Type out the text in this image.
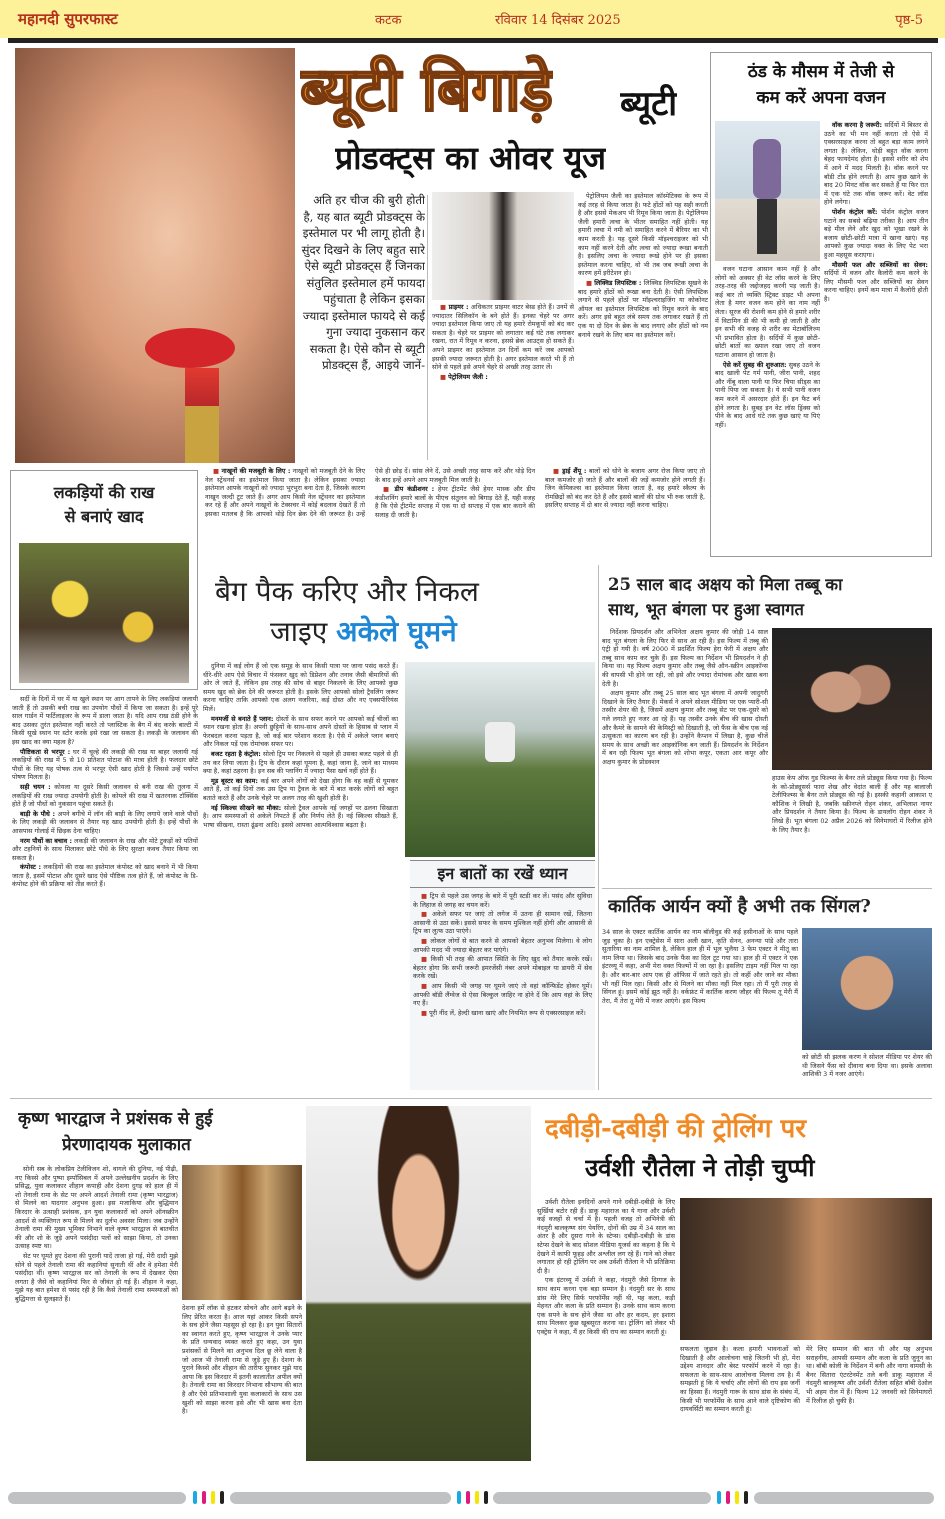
महानदी सुपरफास्ट	कटक	रविवार 14 दिसंबर 2025	पृष्ठ-5
ब्यूटी बिगाड़े ब्यूटी
प्रोडक्ट्स का ओवर यूज
अति हर चीज की बुरी होती है, यह बात ब्यूटी प्रोडक्ट्स के इस्तेमाल पर भी लागू होती है। सुंदर दिखने के लिए बहुत सारे ऐसे ब्यूटी प्रोडक्ट्स हैं जिनका संतुलित इस्तेमाल हमें फायदा पहुंचाता है लेकिन इसका ज्यादा इस्तेमाल फायदे से कई गुना ज्यादा नुकसान कर सकता है। ऐसे कौन से ब्यूटी प्रोडक्ट्स हैं, आइये जानें-

■ प्राइमर : अधिकतर प्राइमर वाटर बेस्ड होते हैं। उनमें से ज्यादातर सिलिकॉन के बने होते हैं। इनका चेहरे पर अगर ज्यादा इस्तेमाल किया जाए तो यह हमारे रोमकूपों को बंद कर सकता है। चेहरे पर प्राइमर को लगातार कई घंटे तक लगाकर रखना, रात में रिमूव न करना, इससे ब्रेक आउट्स हो सकते हैं। अपने प्राइमर का इस्तेमाल उन दिनों कम करें जब आपको इसकी ज्यादा जरूरत होती है। अगर इस्तेमाल करते भी हैं तो सोने से पहले इसे अपने चेहरे से अच्छी तरह उतार लें।

■ पेट्रोलियम जैली :

पेट्रोलियम जैली का इस्तेमाल कॉस्मेटिक्स के रूप में कई तरह से किया जाता है। फटे होंठों को यह सही करती है और इससे मेकअप भी रिमूव किया जाता है। पेट्रोलियम जैली हमारी त्वचा के भीतर समाहित नहीं होती। यह हमारी त्वचा में नमी को समाहित करने में बैरियर का भी काम करती है। यह दूसरे किसी मॉइश्चराइजर को भी काम नहीं करने देती और त्वचा को ज्यादा रूखा बनाती है। इसलिए त्वचा के ज्यादा रूखे होने पर ही इसका इस्तेमाल करना चाहिए, वो भी तब जब रूखी त्वचा के कारण हमें इरीटेशन हो।

■ लिक्विड लिपस्टिक : लिक्विड लिपस्टिक सूखने के बाद हमारे होंठों को रूखा बना देती है। ऐसी लिपस्टिक लगाने से पहले होंठों पर मॉइश्चराइजिंग या कोकोनट ऑयल का इस्तेमाल लिपस्टिक को रिमूव करने के बाद करें। अगर इसे बहुत लंबे समय तक लगाकर रखते हैं तो एक या दो दिन के ब्रेक के बाद लगाएं और होंठों को नम बनाये रखने के लिए बाम का इस्तेमाल करें।

■ नाखूनों की मजबूती के लिए : नाखूनों को मजबूती देने के लिए नेल स्ट्रेंथनर्स का इस्तेमाल किया जाता है। लेकिन इसका ज्यादा इस्तेमाल आपके नाखूनों को ज्यादा भुरभुरा बना देता है, जिसके कारण नाखून जल्दी टूट जाते हैं। अगर आप किसी नेल स्ट्रेंथनर का इस्तेमाल कर रहे हैं और अपने नाखूनों के टेक्सचर में कोई बदलाव देखते हैं तो इसका मतलब है कि आपको थोड़े दिन ब्रेक देने की जरूरत है। उन्हें ऐसे ही छोड़ दें। सांस लेने दें, उसे अच्छी तरह साफ करें और थोड़े दिन के बाद इन्हें अपने आप मजबूती मिल जाती है।

■ डीप कंडीशनर : हेयर ट्रीटमेंट जैसे हेयर मास्क और डीप कंडीशनिंग हमारे बालों के पीएच संतुलन को बिगाड़ देते हैं, यही वजह है कि ऐसे ट्रीटमेंट सप्ताह में एक या दो सप्ताह में एक बार कराने की सलाह दी जाती है।

■ ड्राई शैंपू : बालों को धोने के बजाय अगर रोज किया जाए तो बाल कमजोर हो जाते हैं और बालों की जड़ें कमजोर होने लगती हैं। जिन केमिकल्स का इस्तेमाल किया जाता है, वह हमारे स्कैल्प के रोमछिद्रों को बंद कर देते हैं और इससे बालों की ग्रोथ भी रुक जाती है, इसलिए सप्ताह में दो बार से ज्यादा नहीं करना चाहिए।

ठंड के मौसम में तेजी से
कम करें अपना वजन

वजन घटाना आसान काम नहीं है और लोगों को अक्सर ही वेट लॉस करने के लिए तरह-तरह की जद्दोजहद करनी पड़ जाती है। कई बार तो व्यक्ति स्ट्रिक्ट डाइट भी अपना लेता है मगर वजन कम होने का नाम नहीं लेता। सूरज की रोशनी कम होने से हमारे शरीर में विटामिन डी की भी कमी हो जाती है और इन सभी की वजह से शरीर का मेटाबॉलिज्म भी प्रभावित होता है। सर्दियों में कुछ छोटी-छोटी बातों का ख्याल रखा जाए तो वजन घटाना आसान हो जाता है।

ऐसे करें सुबह की शुरुआत: सुबह उठने के बाद खाली पेट गर्म पानी, जीरा पानी, शहद और नींबू वाला पानी या फिर चिया सीड्स का पानी पिया जा सकता है। ये सभी पानी वजन कम करने में असरदार होते हैं। इन फैट बर्न होने लगता है। सुबह इन वेट लॉस ड्रिंक्स को पीने के बाद आधे घंटे तक कुछ खाएं या पिएं नहीं।

वॉक करना है जरूरी: सर्दियों में बिस्तर से उठने का भी मन नहीं करता तो ऐसे में एक्सरसाइज करना तो बहुत बड़ा काम लगने लगता है। लेकिन, थोड़ी बहुत वॉक करना बेहद फायदेमंद होता है। इससे शरीर को शेप में आने में मदद मिलती है। वॉक करने पर बॉडी टोंड होने लगती है। आप कुछ खाने के बाद 20 मिनट वॉक कर सकते हैं या फिर रात में एक घंटे तक वॉक जरूर करें। वेट लॉस होने लगेगा।

पोर्शन कंट्रोल करें: पोर्शन कंट्रोल वजन घटाने का सबसे बढ़िया तरीका है। आप तीन बड़े मील लेने और खुद को भूखा रखने के बजाय छोटी-छोटी मात्रा में खाना खाएं। यह आपको कुछ ज्यादा वक्त के लिए पेट भरा हुआ महसूस कराएगा।

मौसमी फल और सब्जियों का सेवन: सर्दियों में वजन और कैलोरी कम करने के लिए मौसमी फल और सब्जियों का सेवन करना चाहिए। इनमें कम मात्रा में कैलोरी होती है।

लकड़ियों की राख
से बनाएं खाद

सर्दी के दिनों में घर में या खुले स्थान पर आग तापने के लिए लकड़ियां जलायी जाती हैं तो उसकी बची राख का उपयोग पौधों में किया जा सकता है। इन्हें पूरे साल गार्डन में फर्टिलाइजर के रूप में डाला जाता है। यदि आप राख ठंडी होने के बाद उसका तुरंत इस्तेमाल नहीं करते तो प्लास्टिक के बैग में बंद करके बाल्टी में किसी सूखे स्थान पर स्टोर करके इसे रखा जा सकता है। लकड़ी के जलावन की इस खाद का क्या महत्व है?

पौष्टिकता से भरपूर : घर में चूल्हे की लकड़ी की राख या बाहर जलायी गई लकड़ियों की राख में 5 से 10 प्रतिशत पोटाश की मात्रा होती है। फलदार छोटे पौधों के लिए यह पोषक तत्व से भरपूर ऐसी खाद होती है जिससे उन्हें पर्याप्त पोषण मिलता है।

सही चयन : कोयला या दूसरे किसी जलावन से बनी राख की तुलना में लकड़ियों की राख ज्यादा उपयोगी होती है। कोयले की राख में खतरनाक टॉक्सिंस होते हैं जो पौधों को नुकसान पहुंचा सकते हैं।

बाड़ी के पौधे : अपने बगीचे में लॉन की बाड़ी के लिए लगाये जाने वाले पौधों के लिए लकड़ी की जलावन से तैयार यह खाद उपयोगी होती है। इन्हें पौधों के आसपास गोलाई में छिड़क देना चाहिए।

नरम पौधों का बचाव : लकड़ी की जलावन के राख और मोटे टुकड़ों को पतियों और टहनियों के साथ मिलाकर छोटे पौधे के लिए सुरक्षा कवच तैयार किया जा सकता है।

कंपोस्ट : लकड़ियों की राख का इस्तेमाल कंपोस्ट को खाद बनाने में भी किया जाता है, इसमें पोटाश और दूसरे खाद ऐसे पौष्टिक तत्व होते हैं, जो कंपोस्ट के डि-कंपोस्ट होने की प्रक्रिया को तीव्र करते हैं।

बैग पैक करिए और निकल
जाइए अकेले घूमने

दुनिया में कई लोग हैं जो एक समूह के साथ किसी यात्रा पर जाना पसंद करते हैं। धीरे-धीरे आप ऐसे विचार में फंसकर खुद को डिप्रेशन और तनाव जैसी बीमारियों की ओर ले जाते हैं, लेकिन इस तरह की सोच से बाहर निकलने के लिए आपको कुछ समय खुद को ब्रेक देने की जरूरत होती है। इसके लिए आपको सोलो ट्रैवलिंग जरूर करना चाहिए ताकि आपको एक अलग नजरिया, कई दोस्त और नए एक्सपीरियंस मिलें।

मनमर्जी से बनाते हैं प्लान: दोस्तों के साथ सफर करने पर आपको कई चीजों का ध्यान रखना होता है। अपनी छुट्टियों के साथ-साथ अपने दोस्तों के हिसाब से प्लान में फेरबदल करना पड़ता है, जो कई बार परेशान करता है। ऐसे में अकेले प्लान बनाएं और निकल पड़ें एक रोमांचक सफर पर।

बजट रहता है कंट्रोल: सोलो ट्रिप पर निकलने से पहले ही उसका बजट पहले से ही तय कर लिया जाता है। ट्रिप के दौरान कहां घूमना है, कहां जाना है, जाने का माध्यम क्या है, कहां ठहरना है। इन सब की प्लानिंग में ज्यादा पैसा खर्च नहीं होते हैं।

मूड बूस्टर का काम: कई बार अपने लोगों को देखा होगा कि वह कहीं से घूमकर आते हैं, तो कई दिनों तक उस ट्रिप या ट्रैवल के बारे में बात करके लोगों को बहुत बताते करते हैं और उनके चेहरे पर अलग तरह की खुशी होती है।

नई स्किल्स सीखने का मौका: सोलो ट्रैवल आपके नई जगहों पर ढलना सिखाता है। आप समस्याओं से अकेले निपटते हैं और निर्णय लेते हैं। नई स्किल्स सीखते हैं, भाषा सीखना, रास्ता ढूंढना आदि। इससे आपका आत्मविश्वास बढ़ता है।

इन बातों का रखें ध्यान

■ ट्रिप से पहले उस जगह के बारे में पूरी स्टडी कर लें। पसंद और सुविधा के लिहाज से जगह का चयन करें।

■ अकेले सफर पर जाएं तो लगेज में उतना ही सामान रखें, जितना आसानी से उठा सकें। इससे सफर के समय मुश्किल नहीं होगी और आसानी से ट्रिप का लुत्फ उठा पाएंगे।

■ लोकल लोगों से बात करने से आपको बेहतर अनुभव मिलेगा। वे लोग आपकी मदद भी ज्यादा बेहतर कर पाएंगे।

■ किसी भी तरह की आपात स्थिति के लिए खुद को तैयार करके रखें। बेहतर होगा कि सभी जरूरी इमरजेंसी नंबर अपने मोबाइल या डायरी में सेव करके रखें।

■ आप किसी भी जगह पर घूमने जाएं तो वहां कॉन्फिडेंट होकर घूमें। आपकी बॉडी लैंग्वेज से ऐसा बिल्कुल जाहिर ना होने दें कि आप वहां के लिए नए हैं।

■ पूरी नींद लें, हेल्दी खाना खाएं और नियमित रूप से एक्सरसाइज करें।

25 साल बाद अक्षय को मिला तब्बू का
साथ, भूत बंगला पर हुआ स्वागत

निर्देशक प्रियदर्शन और अभिनेता अक्षय कुमार की जोड़ी 14 साल बाद भूत बंगला के लिए फिर से साथ आ रही है। इस फिल्म में तब्बू की एंट्री हो गयी है। वर्ष 2000 में प्रदर्शित फिल्म हेरा फेरी में अक्षय और तब्बू साथ काम कर चुके हैं। इस फिल्म का निर्देशन भी प्रियदर्शन ने ही किया था। यह फिल्म अक्षय कुमार और तब्बू जैसे ऑन-स्क्रीन आइकॉन्स की वापसी भी होने जा रही, जो इसे और ज्यादा रोमांचक और खास बना देती है।

अक्षय कुमार और तब्बू 25 साल बाद भूत बंगला में अपनी जादुगरी दिखाने के लिए तैयार हैं। मेकर्स ने अपने सोशल मीडिया पर एक प्यारी-सी तस्वीर शेयर की है, जिसमें अक्षय कुमार और तब्बू सेट पर एक-दूसरे को गले लगाते हुए नजर आ रहे हैं। यह तस्वीर उनके बीच की खास दोस्ती और कैमरे के सामने की केमिस्ट्री को दिखाती है, जो फैंस के बीच एक नई उत्सुकता का कारण बन रही है। उन्होंने कैप्शन में लिखा है, कुछ चीजें समय के साथ अच्छी कर आइकॉनिक बन जाती हैं। प्रियदर्शन के निर्देशन में बन रही फिल्म भूत बंगला को शोभा कपूर, एकता आर कपूर और अक्षय कुमार के प्रोडक्शन

हाउस केप ऑफ गुड फिल्म्स के बैनर तले प्रोड्यूस किया गया है। फिल्म के को-प्रोड्यूसर्स फारा शेख और वेदांत बाली हैं और यह बालाजी टेलीफिल्म्स के बैनर तले प्रोड्यूस की गई है। इसकी कहानी आकाश ए कौशिक ने लिखी है, जबकि स्क्रीनप्ले रोहन शंकर, अभिलाश नायर और प्रियदर्शन ने तैयार किया है। फिल्म के डायलॉग रोहन शंकर ने लिखे हैं। भूत बंगला 02 अप्रैल 2026 को सिनेमाघरों में रिलीज होने के लिए तैयार है।
कार्तिक आर्यन क्यों है अभी तक सिंगल?
34 साल के एक्टर कार्तिक आर्यन का नाम बॉलीवुड की कई हसीनाओं के साथ पहले जुड़ चुका है। इन एक्ट्रेसेस में सारा अली खान, कृति सेनन, अनन्या पांडे और तारा सुतारिया का नाम शामिल है, लेकिन हाल ही में भूल भुलैया 3 फेम एक्टर ने मीतू का नाम लिया था। जिसके बाद उनके फैंस का दिल टूट गया था। हाल ही में एक्टर ने एक इंटरव्यू में कहा, अभी मेरा वक्त फिल्मों में जा रहा है। इसलिए टाइम नहीं मिल पा रहा है। और बार-बार आप एक ही ऑफिस में जाते रहते हो। तो कहीं और जाने का मौका भी नहीं मिल रहा। किसी और से मिलने का मौका नहीं मिल रहा। तो मैं पूरी तरह से सिंगल हूं। इसमें कोई झूठ नहीं है। वर्कफ्रंट में कार्तिक करण जौहर की फिल्म तू मेरी मैं तेरा, मैं तेरा तू मेरी में नजर आएंगे। इस फिल्म
को छोटी सी झलक करण ने सोशल मीडिया पर शेयर की थी जिसने फैंस को दीवाना बना दिया था। इसके अलावा आशिकी 3 में नजर आएंगे।
कृष्ण भारद्वाज ने प्रशंसक से हुई
प्रेरणादायक मुलाकात

सोनी सब के लोकप्रिय टेलीविजन शो, वागले की दुनिया, नई पीढ़ी, नए किस्से और पुष्पा इम्पॉसिबल में अपने उल्लेखनीय प्रदर्शन के लिए प्रसिद्ध, युवा कलाकार शीहान कपाही और देशना दुगड़ को हाल ही में शो तेनाली रामा के सेट पर अपने आदर्श तेनाली रामा (कृष्ण भारद्वाज) से मिलने का यादगार अनुभव हुआ। इस मजाकिया और बुद्धिमान किरदार के उत्साही प्रशंसक, इन युवा कलाकारों को अपने ऑनस्क्रीन आदर्श से व्यक्तिगत रूप से मिलने का दुर्लभ अवसर मिला। जब उन्होंने तेनाली रामा की मुख्य भूमिका निभाने वाले कृष्ण भारद्वाज से बातचीत की और शो के जुड़े अपने पसंदीदा पलों को साझा किया, तो उनका उत्साह स्पष्ट था।

सेट पर घूमते हुए देशना की पुरानी यादें ताजा हो गई, मेरी दादी मुझे सोने से पहले तेनाली रामा की कहानियां सुनाती थीं और वे हमेशा मेरी पसंदीदा थीं। कृष्ण भारद्वाज सर को तेनाली के रूप में देखकर ऐसा लगता है जैसे वो कहानियां फिर से जीवंत हो गई हैं। शीहान ने कहा, मुझे यह बात हमेशा से पसंद रही है कि कैसे तेनाली रामा समस्याओं को बुद्धिमत्ता से सुलझाते हैं।

देशना हमें लॉक से हटकर सोचने और आगे बढ़ने के लिए प्रेरित करता है। आज यहां आकर किसी सपने के सच होने जैसा महसूस हो रहा है। इन युवा सितारों का स्वागत करते हुए, कृष्ण भारद्वाज ने उनके प्यार के प्रति धन्यवाद व्यक्त करते हुए कहा, उन युवा प्रशंसकों से मिलने का अनुभव दिल छू लेने वाला है जो आज भी तेनाली रामा से जुड़े हुए हैं। देशना के पुराने किस्से और शीहान की तारीफ सुनकर मुझे याद आया कि इस किरदार में इतनी कालातीत अपील क्यों है। तेनाली रामा का किरदार निभाना सौभाग्य की बात है और ऐसे प्रतिभाशाली युवा कलाकारों के साथ उस खुशी को साझा करना इसे और भी खास बना देता है।
दबीड़ी-दबीड़ी की ट्रोलिंग पर
उर्वशी रौतेला ने तोड़ी चुप्पी

उर्वशी रौतेला इनदिनों अपने गाने दबीड़ी-दबीड़ी के लिए सुर्खियां बटोर रही हैं। डाकू महाराज का ये गाना और उर्वशी कई वजहों से चर्चा में है। पहली वजह तो अभिनेत्री की नंदमुरी बालकृष्ण संग पेयरिंग, दोनों की उम्र में 34 साल का अंतर है और दूसरा गाने के स्टेप्स। दबीड़ी-दबीड़ी के डांस स्टेप्स देखने के बाद सोशल मीडिया यूजर्स का कहना है कि ये देखने में काफी फूहड़ और अश्लील लग रहे हैं। गाने को लेकर लगातार हो रही ट्रोलिंग पर अब उर्वशी रौतेला ने भी प्रतिक्रिया दी है।

एक इंटरव्यू में उर्वशी ने कहा, नंदमुरी जैसे दिग्गज के साथ काम करना एक बड़ा सम्मान है। नंदमुरी सर के साथ डांस मेरे लिए सिर्फ परफॉर्मेंस नहीं थी, यह कला, कड़ी मेहनत और कला के प्रति सम्मान है। उनके साथ काम करना एक सपने के सच होने जैसा था और हर कदम, हर इशारा साथ मिलकर कुछ खूबसूरत करना था। ट्रोलिंग को लेकर भी एक्ट्रेस ने कहा, मैं हर किसी की राय का सम्मान करती हूं।

सफलता जुड़ाव है। कला हमारी भावनाओं को दिखाती है और आलोचना चाहे जितनी भी हो, मेरा उद्देश्य शानदार और बेस्ट परफॉर्म करने में रहा है। सफलता के साथ-साथ आलोचना मिलना तय है। मैं समझती हूं कि ये चर्चाएं और लोगों की राय इस जर्नी का हिस्सा हैं। नंदमुरी गारू के साथ डांस के संबंध में, किसी भी परफॉर्मेंस के साथ आने वाले दृष्टिकोण की दायवर्सिटी का सम्मान करती हूं।
मेरे लिए सम्मान की बात थी और यह अनुभव सराहनीय, आपसी सम्मान और कला के प्रति जुनून का था। बॉबी कोली के निर्देशन में बनी और नागा वामसी के बैनर सितारा एंटरटेनमेंट तले बनी डाकू महाराज में नंदमुरी बालकृष्ण और उर्वशी रौतेला सहित बॉबी देओल भी अहम रोल में हैं। फिल्म 12 जनवरी को सिनेमाघरों में रिलीज हो चुकी है।
